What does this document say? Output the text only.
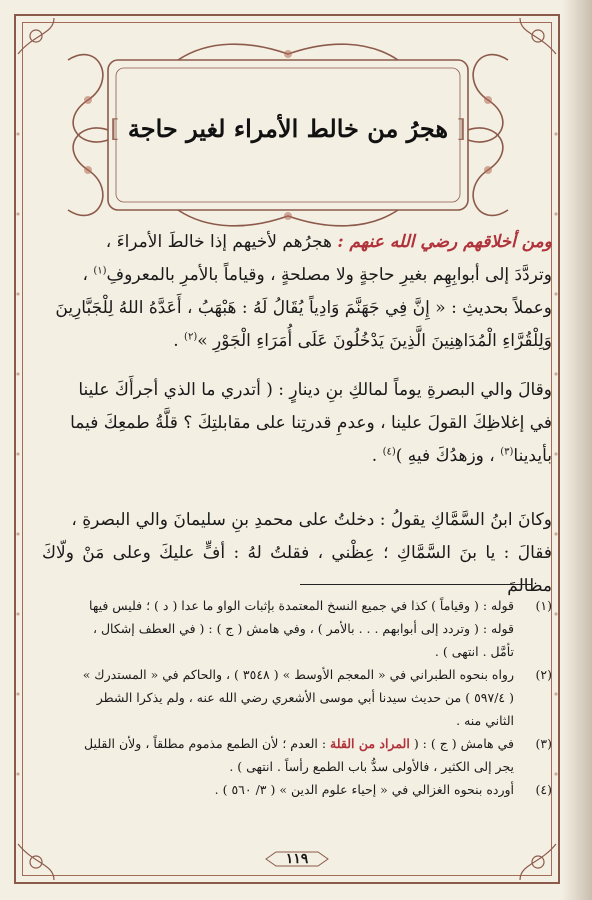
[ هجرُ من خالط الأمراء لغير حاجة ]

ومن أخلاقهم رضي الله عنهم : هجرُهم لأخيهم إذا خالطَ الأمراءَ ،

وتردَّدَ إلى أبوابِهِم بغيرِ حاجةٍ ولا مصلحةٍ ، وقياماً بالأمرِ بالمعروفِ$^{(١)}$ ،

وعملاً بحديثِ : « إِنَّ فِي جَهَنَّمَ وَادِياً يُقَالُ لَهُ : هَبْهَبُ ، أَعَدَّهُ اللهُ لِلْجَبَّارِينَ

وَلِلْقُرَّاءِ الْمُدَاهِنِينَ الَّذِينَ يَدْخُلُونَ عَلَى أُمَرَاءِ الْجَوْرِ »$^{(٢)}$ .

وقالَ والي البصرةِ يوماً لمالكِ بنِ دينارٍ : ( أتدري ما الذي أجرأَكَ علينا

في إغلاظِكَ القولَ علينا ، وعدمِ قدرتِنا على مقابلتِكَ ؟ قلَّةُ طمعِكَ فيما

بأيدينا$^{(٣)}$ ، وزهدُكَ فيهِ )$^{(٤)}$ .

وكانَ ابنُ السَّمَّاكِ يقولُ : دخلتُ على محمدِ بنِ سليمانَ والي البصرةِ ،

فقالَ : يا بنَ السَّمَّاكِ ؛ عِظْني ، فقلتُ لهُ : أفٍّ عليكَ وعلى مَنْ ولّاكَ مظالمَ

(١)
قوله : ( وقياماً ) كذا في جميع النسخ المعتمدة بإثبات الواو ما عدا ( د ) ؛ فليس فيها
قوله : ( وتردد إلى أبوابهم . . . بالأمر ) ، وفي هامش ( ج ) : ( في العطف إشكال ،
تأمَّل . انتهى ) .
(٢)
رواه بنحوه الطبراني في « المعجم الأوسط » ( ٣٥٤٨ ) ، والحاكم في « المستدرك »
( ٥٩٧/٤ ) من حديث سيدنا أبي موسى الأشعري رضي الله عنه ، ولم يذكرا الشطر
الثاني منه .
(٣)
في هامش ( ج ) : ( المراد من القلة : العدم ؛ لأن الطمع مذموم مطلقاً ، ولأن القليل
يجر إلى الكثير ، فالأولى سدُّ باب الطمع رأساً . انتهى ) .
(٤)
أورده بنحوه الغزالي في « إحياء علوم الدين » ( ٣/ ٥٦٠ ) .
١١٩
